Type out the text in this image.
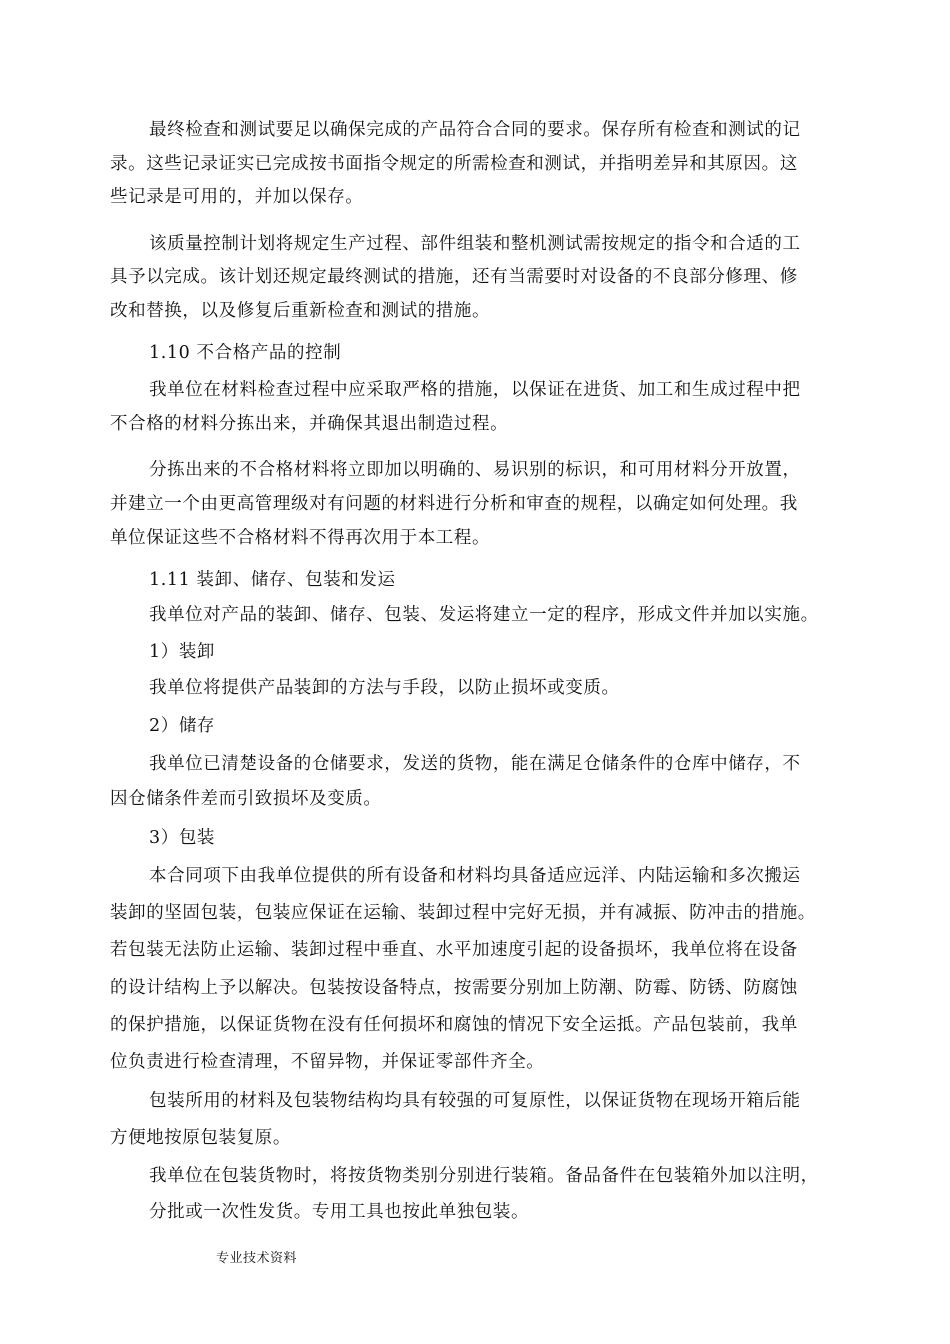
最终检查和测试要足以确保完成的产品符合合同的要求。保存所有检查和测试的记
录。这些记录证实已完成按书面指令规定的所需检查和测试，并指明差异和其原因。这
些记录是可用的，并加以保存。
该质量控制计划将规定生产过程、部件组装和整机测试需按规定的指令和合适的工
具予以完成。该计划还规定最终测试的措施，还有当需要时对设备的不良部分修理、修
改和替换，以及修复后重新检查和测试的措施。
1.10 不合格产品的控制
我单位在材料检查过程中应采取严格的措施，以保证在进货、加工和生成过程中把
不合格的材料分拣出来，并确保其退出制造过程。
分拣出来的不合格材料将立即加以明确的、易识别的标识，和可用材料分开放置，
并建立一个由更高管理级对有问题的材料进行分析和审查的规程，以确定如何处理。我
单位保证这些不合格材料不得再次用于本工程。
1.11 装卸、储存、包装和发运
我单位对产品的装卸、储存、包装、发运将建立一定的程序，形成文件并加以实施。
1）装卸
我单位将提供产品装卸的方法与手段，以防止损坏或变质。
2）储存
我单位已清楚设备的仓储要求，发送的货物，能在满足仓储条件的仓库中储存，不
因仓储条件差而引致损坏及变质。
3）包装
本合同项下由我单位提供的所有设备和材料均具备适应远洋、内陆运输和多次搬运
装卸的坚固包装，包装应保证在运输、装卸过程中完好无损，并有减振、防冲击的措施。
若包装无法防止运输、装卸过程中垂直、水平加速度引起的设备损坏，我单位将在设备
的设计结构上予以解决。包装按设备特点，按需要分别加上防潮、防霉、防锈、防腐蚀
的保护措施，以保证货物在没有任何损坏和腐蚀的情况下安全运抵。产品包装前，我单
位负责进行检查清理，不留异物，并保证零部件齐全。
包装所用的材料及包装物结构均具有较强的可复原性，以保证货物在现场开箱后能
方便地按原包装复原。
我单位在包装货物时，将按货物类别分别进行装箱。备品备件在包装箱外加以注明，
分批或一次性发货。专用工具也按此单独包装。
专业技术资料
